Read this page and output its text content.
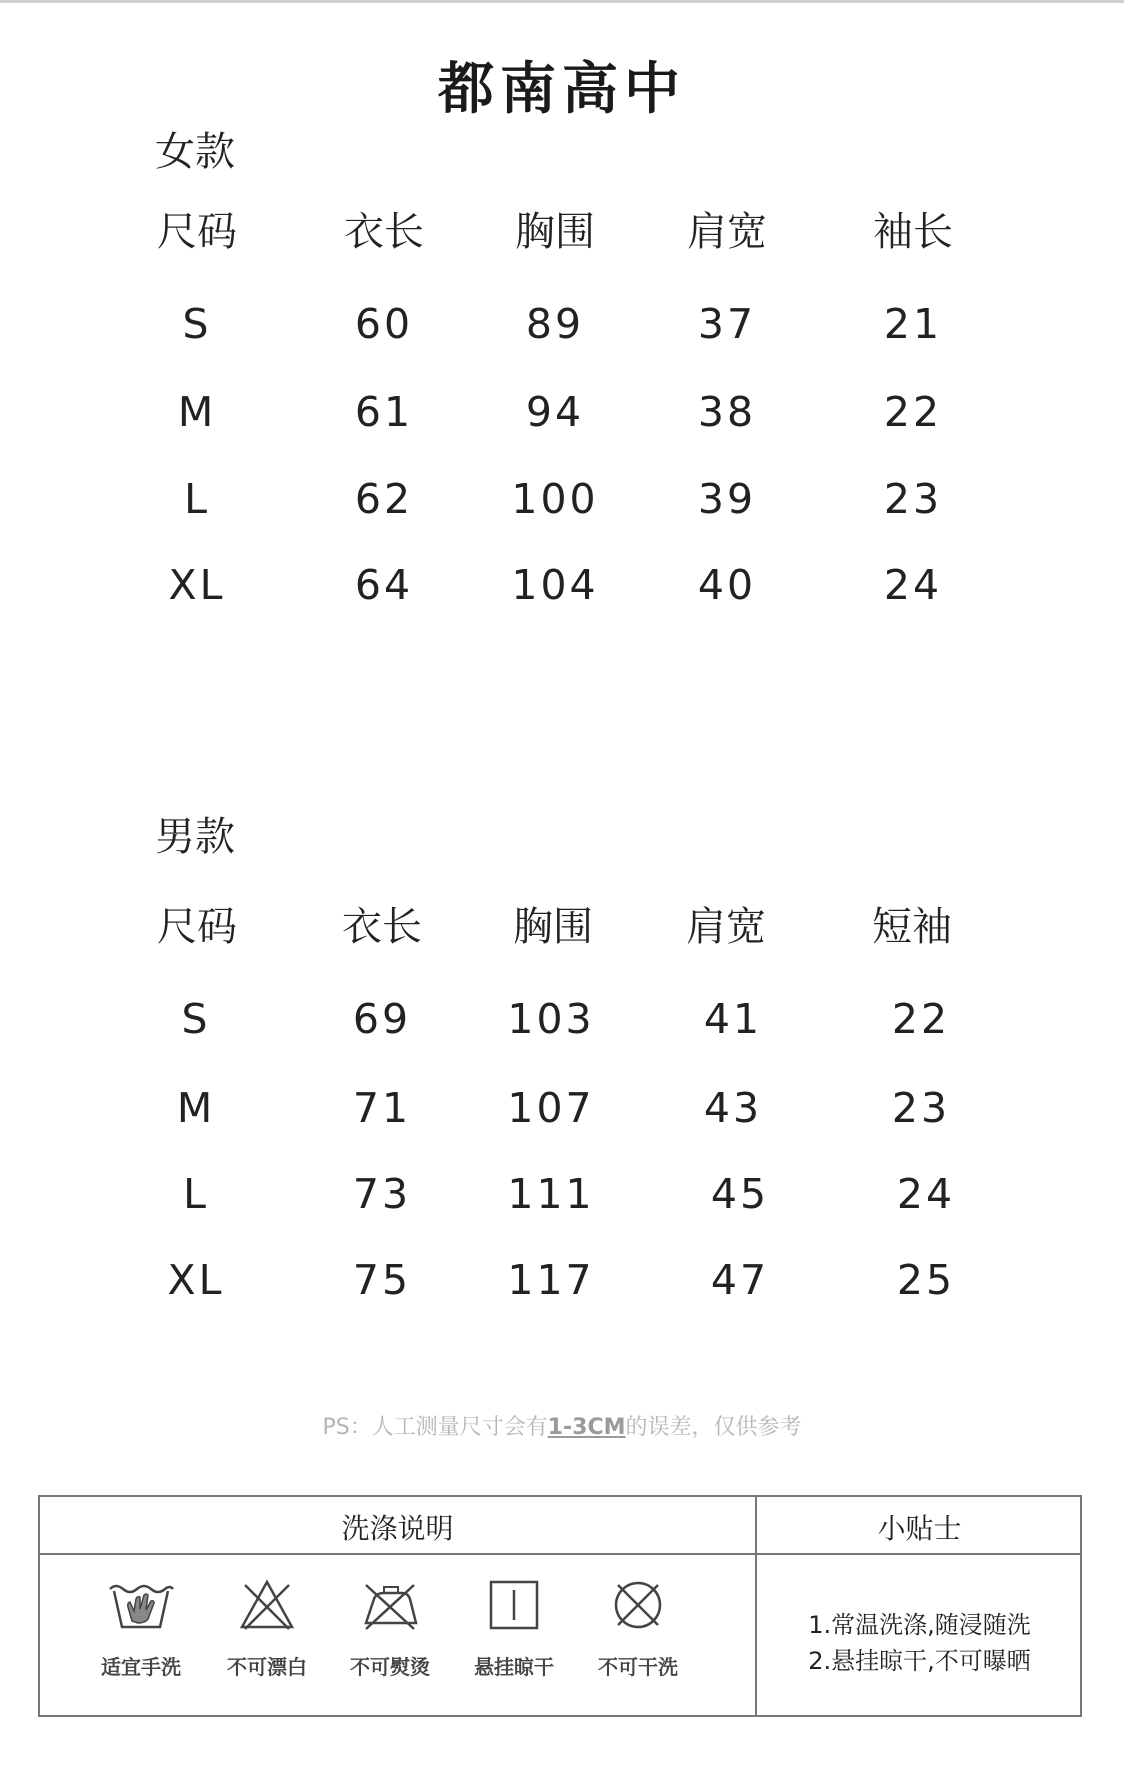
都南高中
女款
尺码	衣长	胸围	肩宽	袖长
S	60	89	37	21
M	61	94	38	22
L	62	100	39	23
XL	64	104	40	24
男款
尺码	衣长	胸围	肩宽	短袖
S	69	103	41	22
M	71	107	43	23
L	73	111	45	24
XL	75	117	47	25
PS：人工测量尺寸会有1-3CM的误差，仅供参考
洗涤说明	小贴士
适宜手洗	不可漂白	不可熨烫	悬挂晾干	不可干洗
1.常温洗涤,随浸随洗
2.悬挂晾干,不可曝晒
